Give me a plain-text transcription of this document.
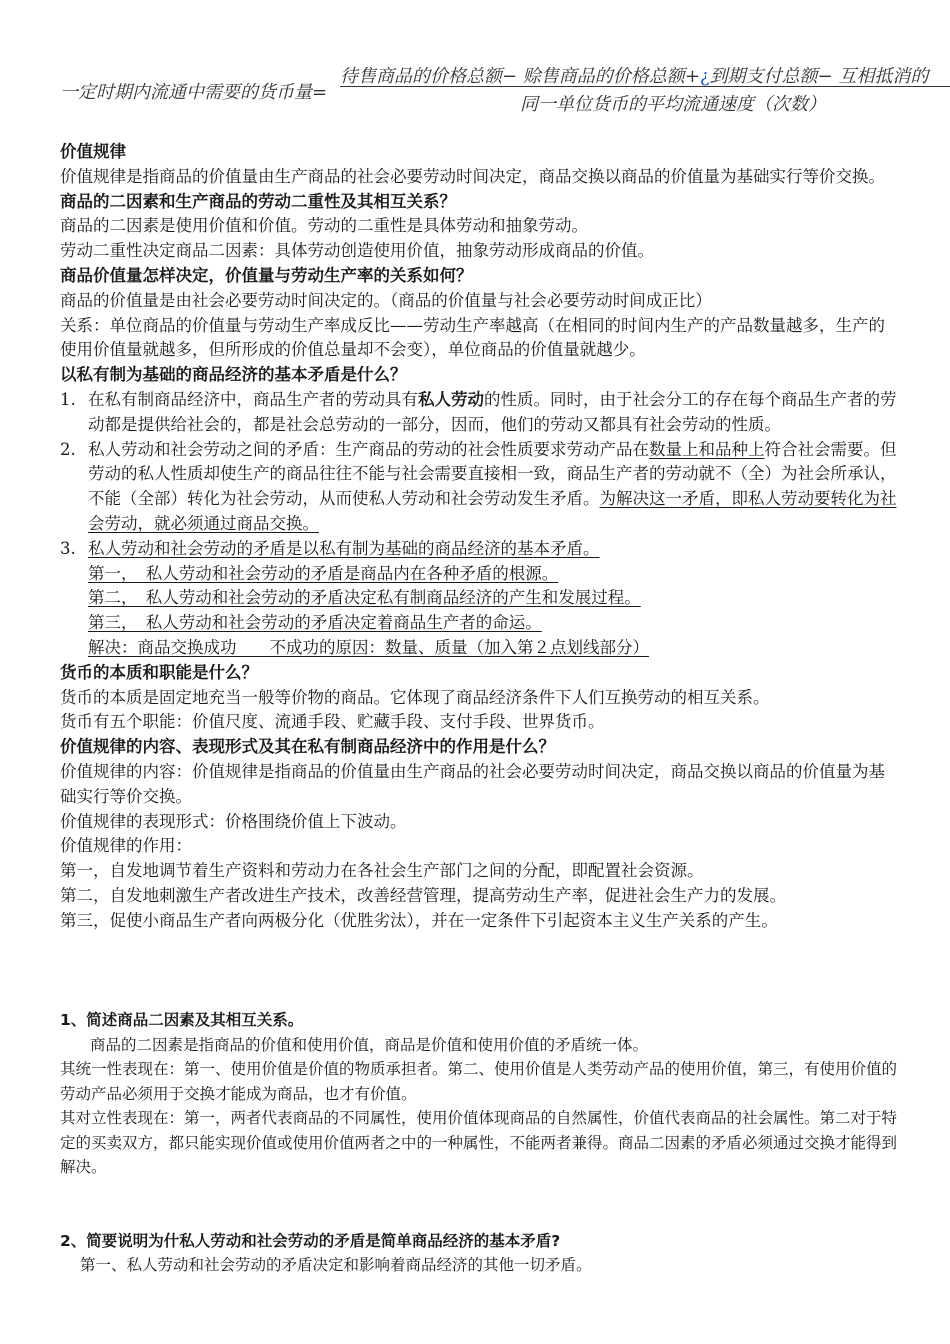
一定时期内流通中需要的货币量=
待售商品的价格总额− 赊售商品的价格总额+¿到期支付总额− 互相抵消的
同一单位货币的平均流通速度（次数）

价值规律

价值规律是指商品的价值量由生产商品的社会必要劳动时间决定，商品交换以商品的价值量为基础实行等价交换。

商品的二因素和生产商品的劳动二重性及其相互关系？

商品的二因素是使用价值和价值。劳动的二重性是具体劳动和抽象劳动。

劳动二重性决定商品二因素：具体劳动创造使用价值，抽象劳动形成商品的价值。

商品价值量怎样决定，价值量与劳动生产率的关系如何？

商品的价值量是由社会必要劳动时间决定的。（商品的价值量与社会必要劳动时间成正比）

关系：单位商品的价值量与劳动生产率成反比——劳动生产率越高（在相同的时间内生产的产品数量越多，生产的使用价值量就越多，但所形成的价值总量却不会变），单位商品的价值量就越少。

以私有制为基础的商品经济的基本矛盾是什么？

1. 在私有制商品经济中，商品生产者的劳动具有私人劳动的性质。同时，由于社会分工的存在每个商品生产者的劳动都是提供给社会的，都是社会总劳动的一部分，因而，他们的劳动又都具有社会劳动的性质。

2. 私人劳动和社会劳动之间的矛盾：生产商品的劳动的社会性质要求劳动产品在数量上和品种上符合社会需要。但劳动的私人性质却使生产的商品往往不能与社会需要直接相一致，商品生产者的劳动就不（全）为社会所承认，不能（全部）转化为社会劳动，从而使私人劳动和社会劳动发生矛盾。为解决这一矛盾，即私人劳动要转化为社会劳动，就必须通过商品交换。

3. 私人劳动和社会劳动的矛盾是以私有制为基础的商品经济的基本矛盾。

第一，　私人劳动和社会劳动的矛盾是商品内在各种矛盾的根源。

第二，　私人劳动和社会劳动的矛盾决定私有制商品经济的产生和发展过程。

第三，　私人劳动和社会劳动的矛盾决定着商品生产者的命运。

解决：商品交换成功　　不成功的原因：数量、质量（加入第２点划线部分）

货币的本质和职能是什么？

货币的本质是固定地充当一般等价物的商品。它体现了商品经济条件下人们互换劳动的相互关系。

货币有五个职能：价值尺度、流通手段、贮藏手段、支付手段、世界货币。

价值规律的内容、表现形式及其在私有制商品经济中的作用是什么？

价值规律的内容：价值规律是指商品的价值量由生产商品的社会必要劳动时间决定，商品交换以商品的价值量为基础实行等价交换。

价值规律的表现形式：价格围绕价值上下波动。

价值规律的作用：

第一，自发地调节着生产资料和劳动力在各社会生产部门之间的分配，即配置社会资源。

第二，自发地刺激生产者改进生产技术，改善经营管理，提高劳动生产率，促进社会生产力的发展。

第三，促使小商品生产者向两极分化（优胜劣汰），并在一定条件下引起资本主义生产关系的产生。

1、简述商品二因素及其相互关系。

商品的二因素是指商品的价值和使用价值，商品是价值和使用价值的矛盾统一体。

其统一性表现在：第一、使用价值是价值的物质承担者。第二、使用价值是人类劳动产品的使用价值，第三，有使用价值的劳动产品必须用于交换才能成为商品，也才有价值。

其对立性表现在：第一，两者代表商品的不同属性，使用价值体现商品的自然属性，价值代表商品的社会属性。第二对于特定的买卖双方，都只能实现价值或使用价值两者之中的一种属性，不能两者兼得。商品二因素的矛盾必须通过交换才能得到解决。

2、简要说明为什私人劳动和社会劳动的矛盾是简单商品经济的基本矛盾?

第一、私人劳动和社会劳动的矛盾决定和影响着商品经济的其他一切矛盾。
